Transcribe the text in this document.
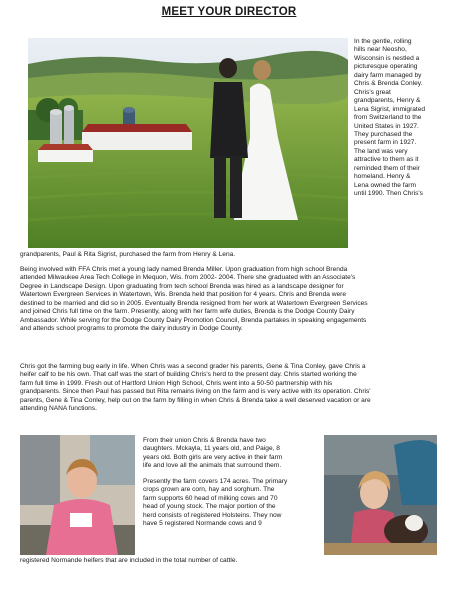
MEET YOUR DIRECTOR

In the gentle, rolling

hills near Neosho,

Wisconsin is nestled a

picturesque operating

dairy farm managed by

Chris & Brenda Conley.

Chris's great

grandparents, Henry &

Lena Sigrist, immigrated

from Switzerland to the

United States in 1927.

They purchased the

present farm in 1927.

The land was very

attractive to them as it

reminded them of their

homeland. Henry &

Lena owned the farm

until 1990. Then Chris's

grandparents, Paul & Rita Sigrist, purchased the farm from Henry & Lena.

Being involved with FFA Chris met a young lady named Brenda Miller. Upon graduation from high school Brenda

attended Milwaukee Area Tech College in Mequon, Wis. from 2002- 2004. There she graduated with an Associate's

Degree in Landscape Design. Upon graduating from tech school Brenda was hired as a landscape designer for

Watertown Evergreen Services in Watertown, Wis. Brenda held that position for 4 years. Chris and Brenda were

destined to be married and did so in 2005. Eventually Brenda resigned from her work at Watertown Evergreen Services

and joined Chris full time on the farm. Presently, along with her farm wife duties, Brenda is the Dodge County Dairy

Ambassador. While serving for the Dodge County Dairy Promotion Council, Brenda partakes in speaking engagements

and attends school programs to promote the dairy industry in Dodge County.

Chris got the farming bug early in life. When Chris was a second grader his parents, Gene & Tina Conley, gave Chris a

heifer calf to be his own. That calf was the start of building Chris's herd to the present day. Chris started working the

farm full time in 1999. Fresh out of Hartford Union High School, Chris went into a 50-50 partnership with his

grandparents. Since then Paul has passed but Rita remains living on the farm and is very active with its operation. Chris'

parents, Gene & Tina Conley, help out on the farm by filling in when Chris & Brenda take a well deserved vacation or are

attending NANA functions.

From their union Chris & Brenda have two

daughters. Mckayla, 11 years old, and Paige, 8

years old. Both girls are very active in their farm

life and love all the animals that surround them.

Presently the farm covers 174 acres. The primary

crops grown are corn, hay and sorghum. The

farm supports 60 head of milking cows and 70

head of young stock. The major portion of the

herd consists of registered Holsteins. They now

have 5 registered Normande cows and 9

registered Normande heifers that are included in the total number of cattle.
